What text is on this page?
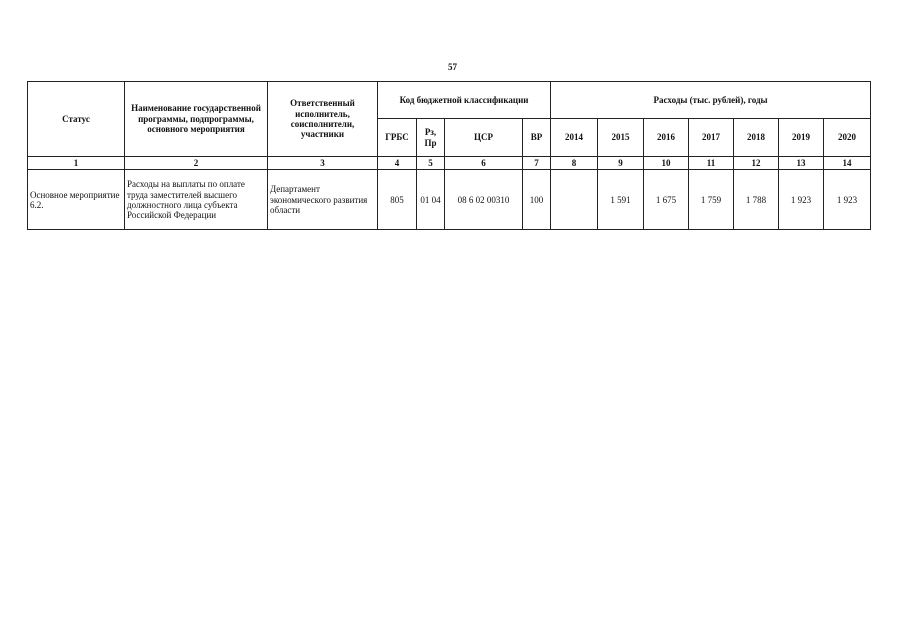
57
Статус	Наименование государственной программы, подпрограммы, основного мероприятия	Ответственный исполнитель, соисполнители, участники	Код бюджетной классификации				Расходы (тыс. рублей), годы						
			ГРБС	Рз, Пр	ЦСР	ВР	2014	2015	2016	2017	2018	2019	2020
1	2	3	4	5	6	7	8	9	10	11	12	13	14
Основное мероприятие 6.2.	Расходы на выплаты по оплате труда заместителей высшего должностного лица субъекта Российской Федерации	Департамент экономического развития области	805	01 04	08 6 02 00310	100		1 591	1 675	1 759	1 788	1 923	1 923
